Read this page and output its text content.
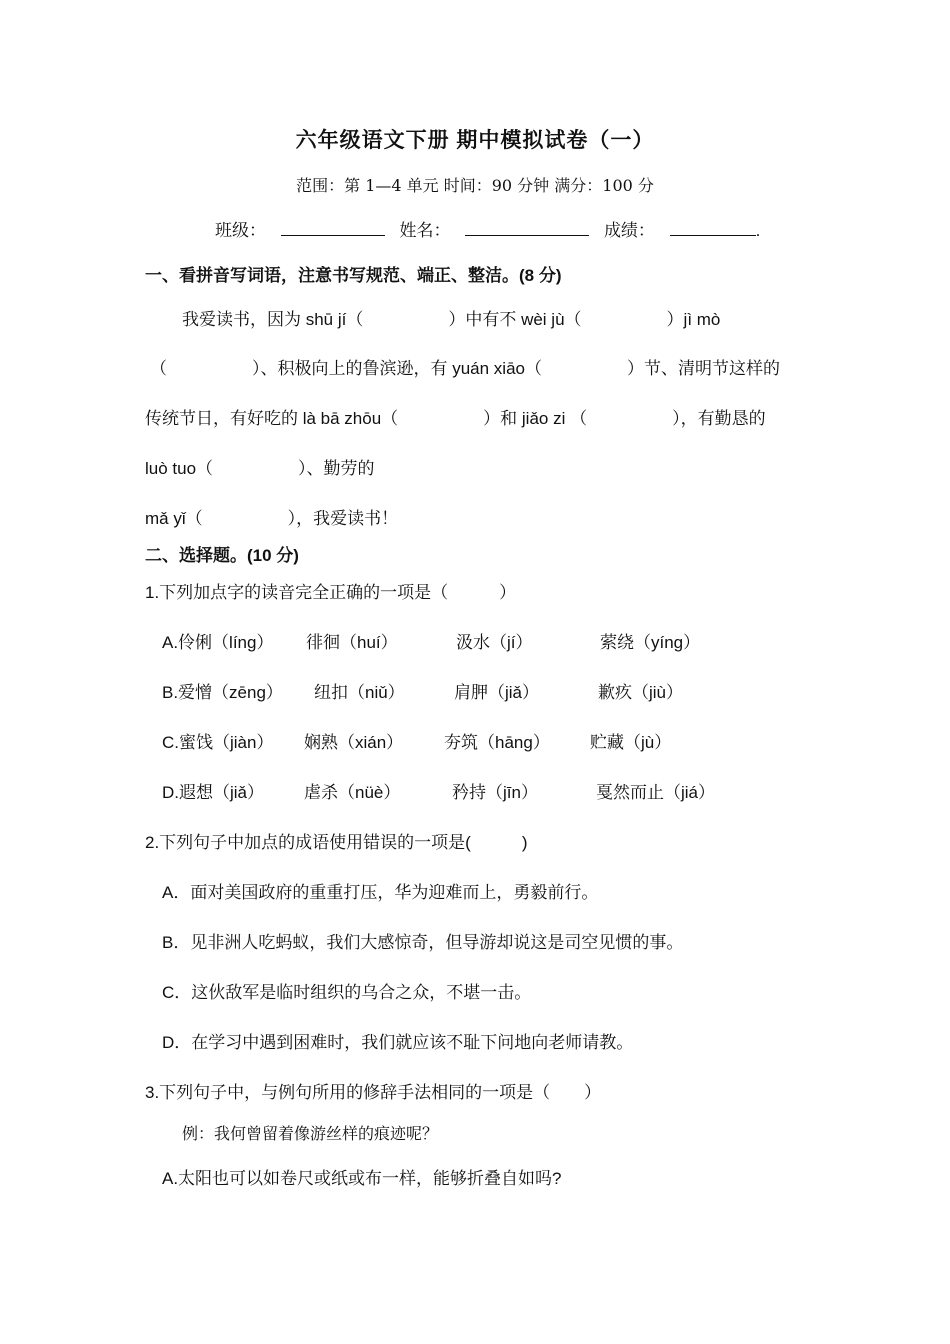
六年级语文下册 期中模拟试卷（一）
范围：第 1—4 单元 时间：90 分钟 满分：100 分
班级：	姓名：	成绩：	.
一、看拼音写词语，注意书写规范、端正、整洁。(8 分)
我爱读书，因为 shū jí（　　　　　）中有不 wèi jù（　　　　　）jì mò
（　　　　　）、积极向上的鲁滨逊，有 yuán xiāo（　　　　　）节、清明节这样的
传统节日，有好吃的 là bā zhōu（　　　　　）和 jiǎo zi （　　　　　），有勤恳的
luò tuo（　　　　　）、勤劳的
mǎ yǐ（　　　　　），我爱读书！
二、选择题。(10 分)
1.下列加点字的读音完全正确的一项是（　　　）
A.伶俐（líng） 徘徊（huí）	汲水（jí）	萦绕（yíng）
B.爱憎（zēng） 纽扣（niǔ）	肩胛（jiǎ）	歉疚（jiù）
C.蜜饯（jiàn） 娴熟（xián） 夯筑（hāng） 贮藏（jù）
D.遐想（jiǎ） 虐杀（nüè）	矜持（jīn）	戛然而止（jiá）
2.下列句子中加点的成语使用错误的一项是(　　　)
A．面对美国政府的重重打压，华为迎难而上，勇毅前行。
B．见非洲人吃蚂蚁，我们大感惊奇，但导游却说这是司空见惯的事。
C．这伙敌军是临时组织的乌合之众，不堪一击。
D．在学习中遇到困难时，我们就应该不耻下问地向老师请教。
3.下列句子中，与例句所用的修辞手法相同的一项是（　　）
例：我何曾留着像游丝样的痕迹呢？
A.太阳也可以如卷尺或纸或布一样，能够折叠自如吗?
